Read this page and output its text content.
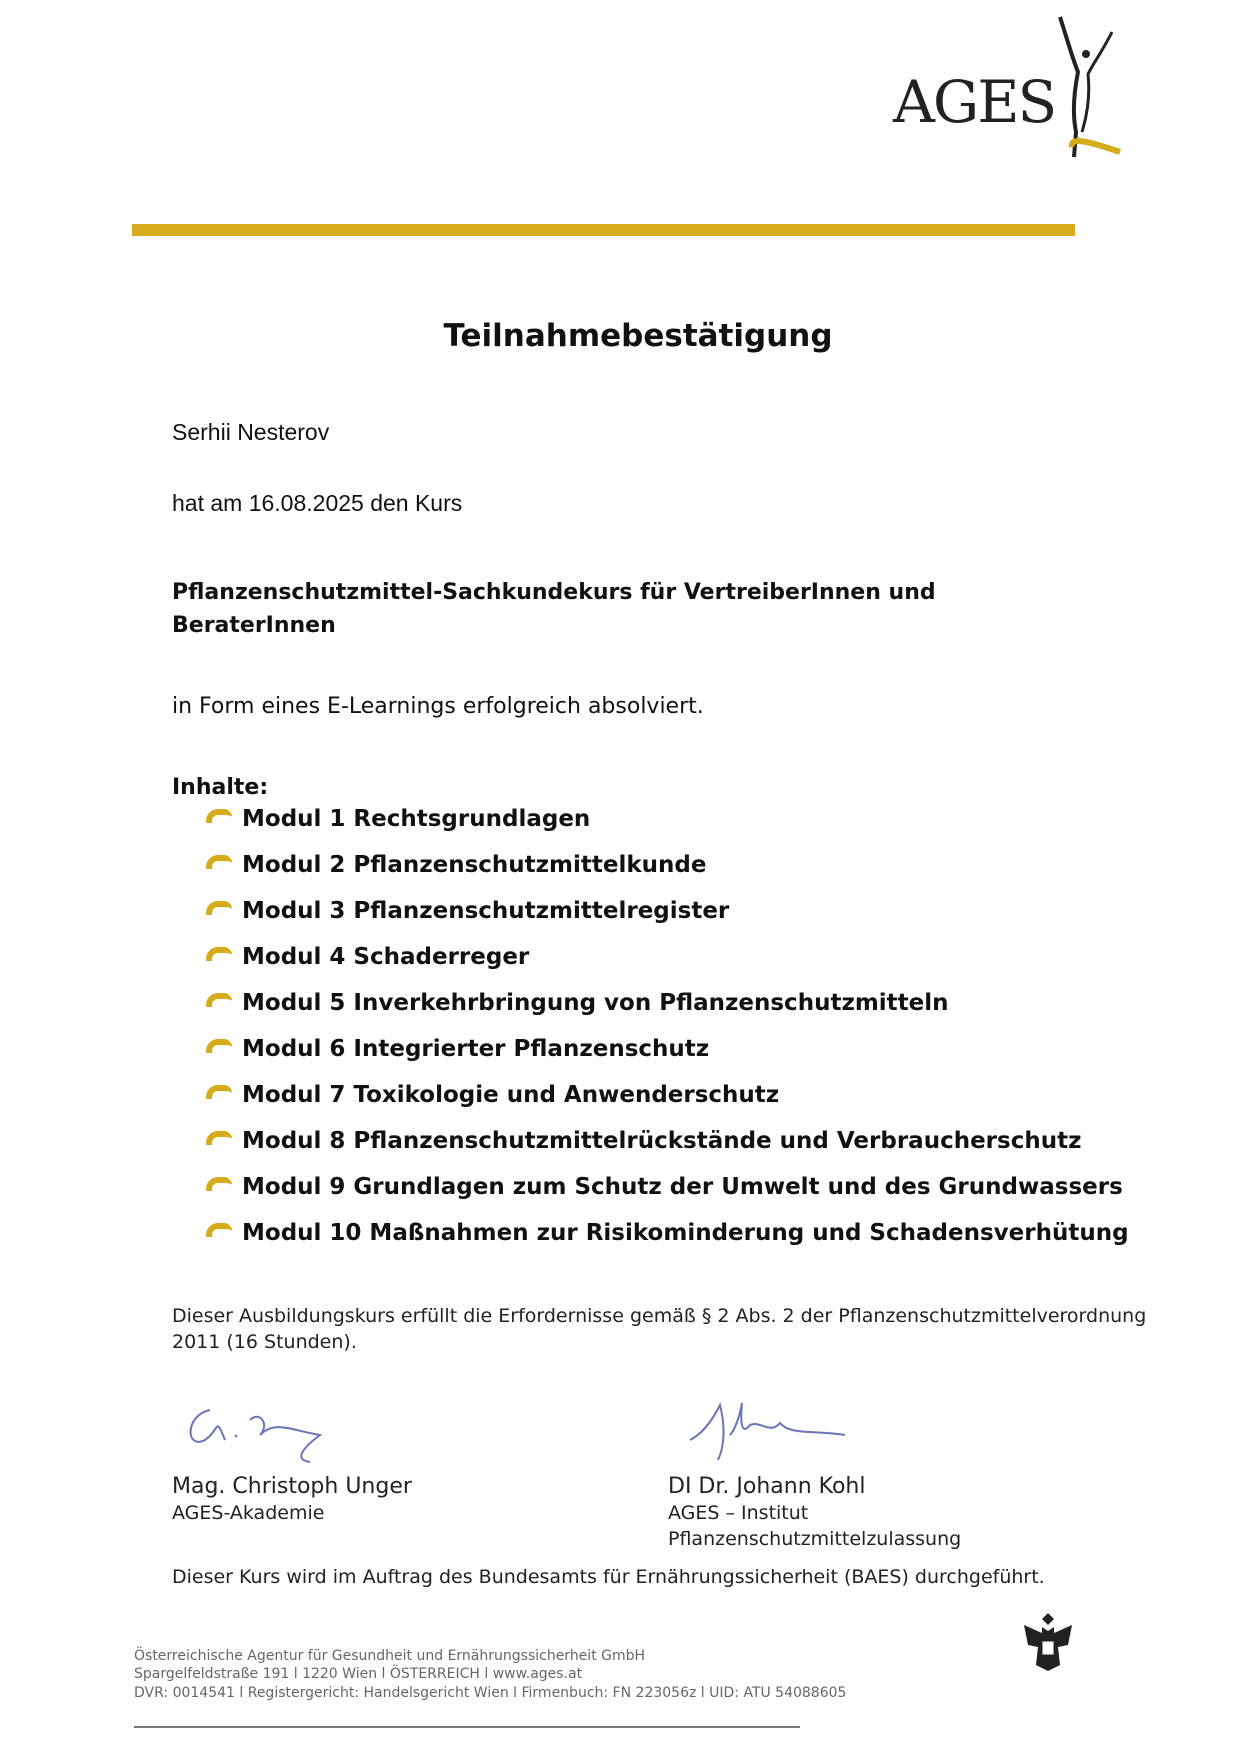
AGES
Teilnahmebestätigung
Serhii Nesterov
hat am 16.08.2025 den Kurs
Pflanzenschutzmittel-Sachkundekurs für VertreiberInnen und
BeraterInnen
in Form eines E-Learnings erfolgreich absolviert.
Inhalte:
Modul 1 Rechtsgrundlagen
Modul 2 Pflanzenschutzmittelkunde
Modul 3 Pflanzenschutzmittelregister
Modul 4 Schaderreger
Modul 5 Inverkehrbringung von Pflanzenschutzmitteln
Modul 6 Integrierter Pflanzenschutz
Modul 7 Toxikologie und Anwenderschutz
Modul 8 Pflanzenschutzmittelrückstände und Verbraucherschutz
Modul 9 Grundlagen zum Schutz der Umwelt und des Grundwassers
Modul 10 Maßnahmen zur Risikominderung und Schadensverhütung
Dieser Ausbildungskurs erfüllt die Erfordernisse gemäß § 2 Abs. 2 der Pflanzenschutzmittelverordnung
2011 (16 Stunden).
Mag. Christoph Unger
AGES-Akademie
DI Dr. Johann Kohl
AGES – Institut
Pflanzenschutzmittelzulassung
Dieser Kurs wird im Auftrag des Bundesamts für Ernährungssicherheit (BAES) durchgeführt.
Österreichische Agentur für Gesundheit und Ernährungssicherheit GmbH
Spargelfeldstraße 191 l 1220 Wien l ÖSTERREICH l www.ages.at
DVR: 0014541 l Registergericht: Handelsgericht Wien l Firmenbuch: FN 223056z l UID: ATU 54088605
